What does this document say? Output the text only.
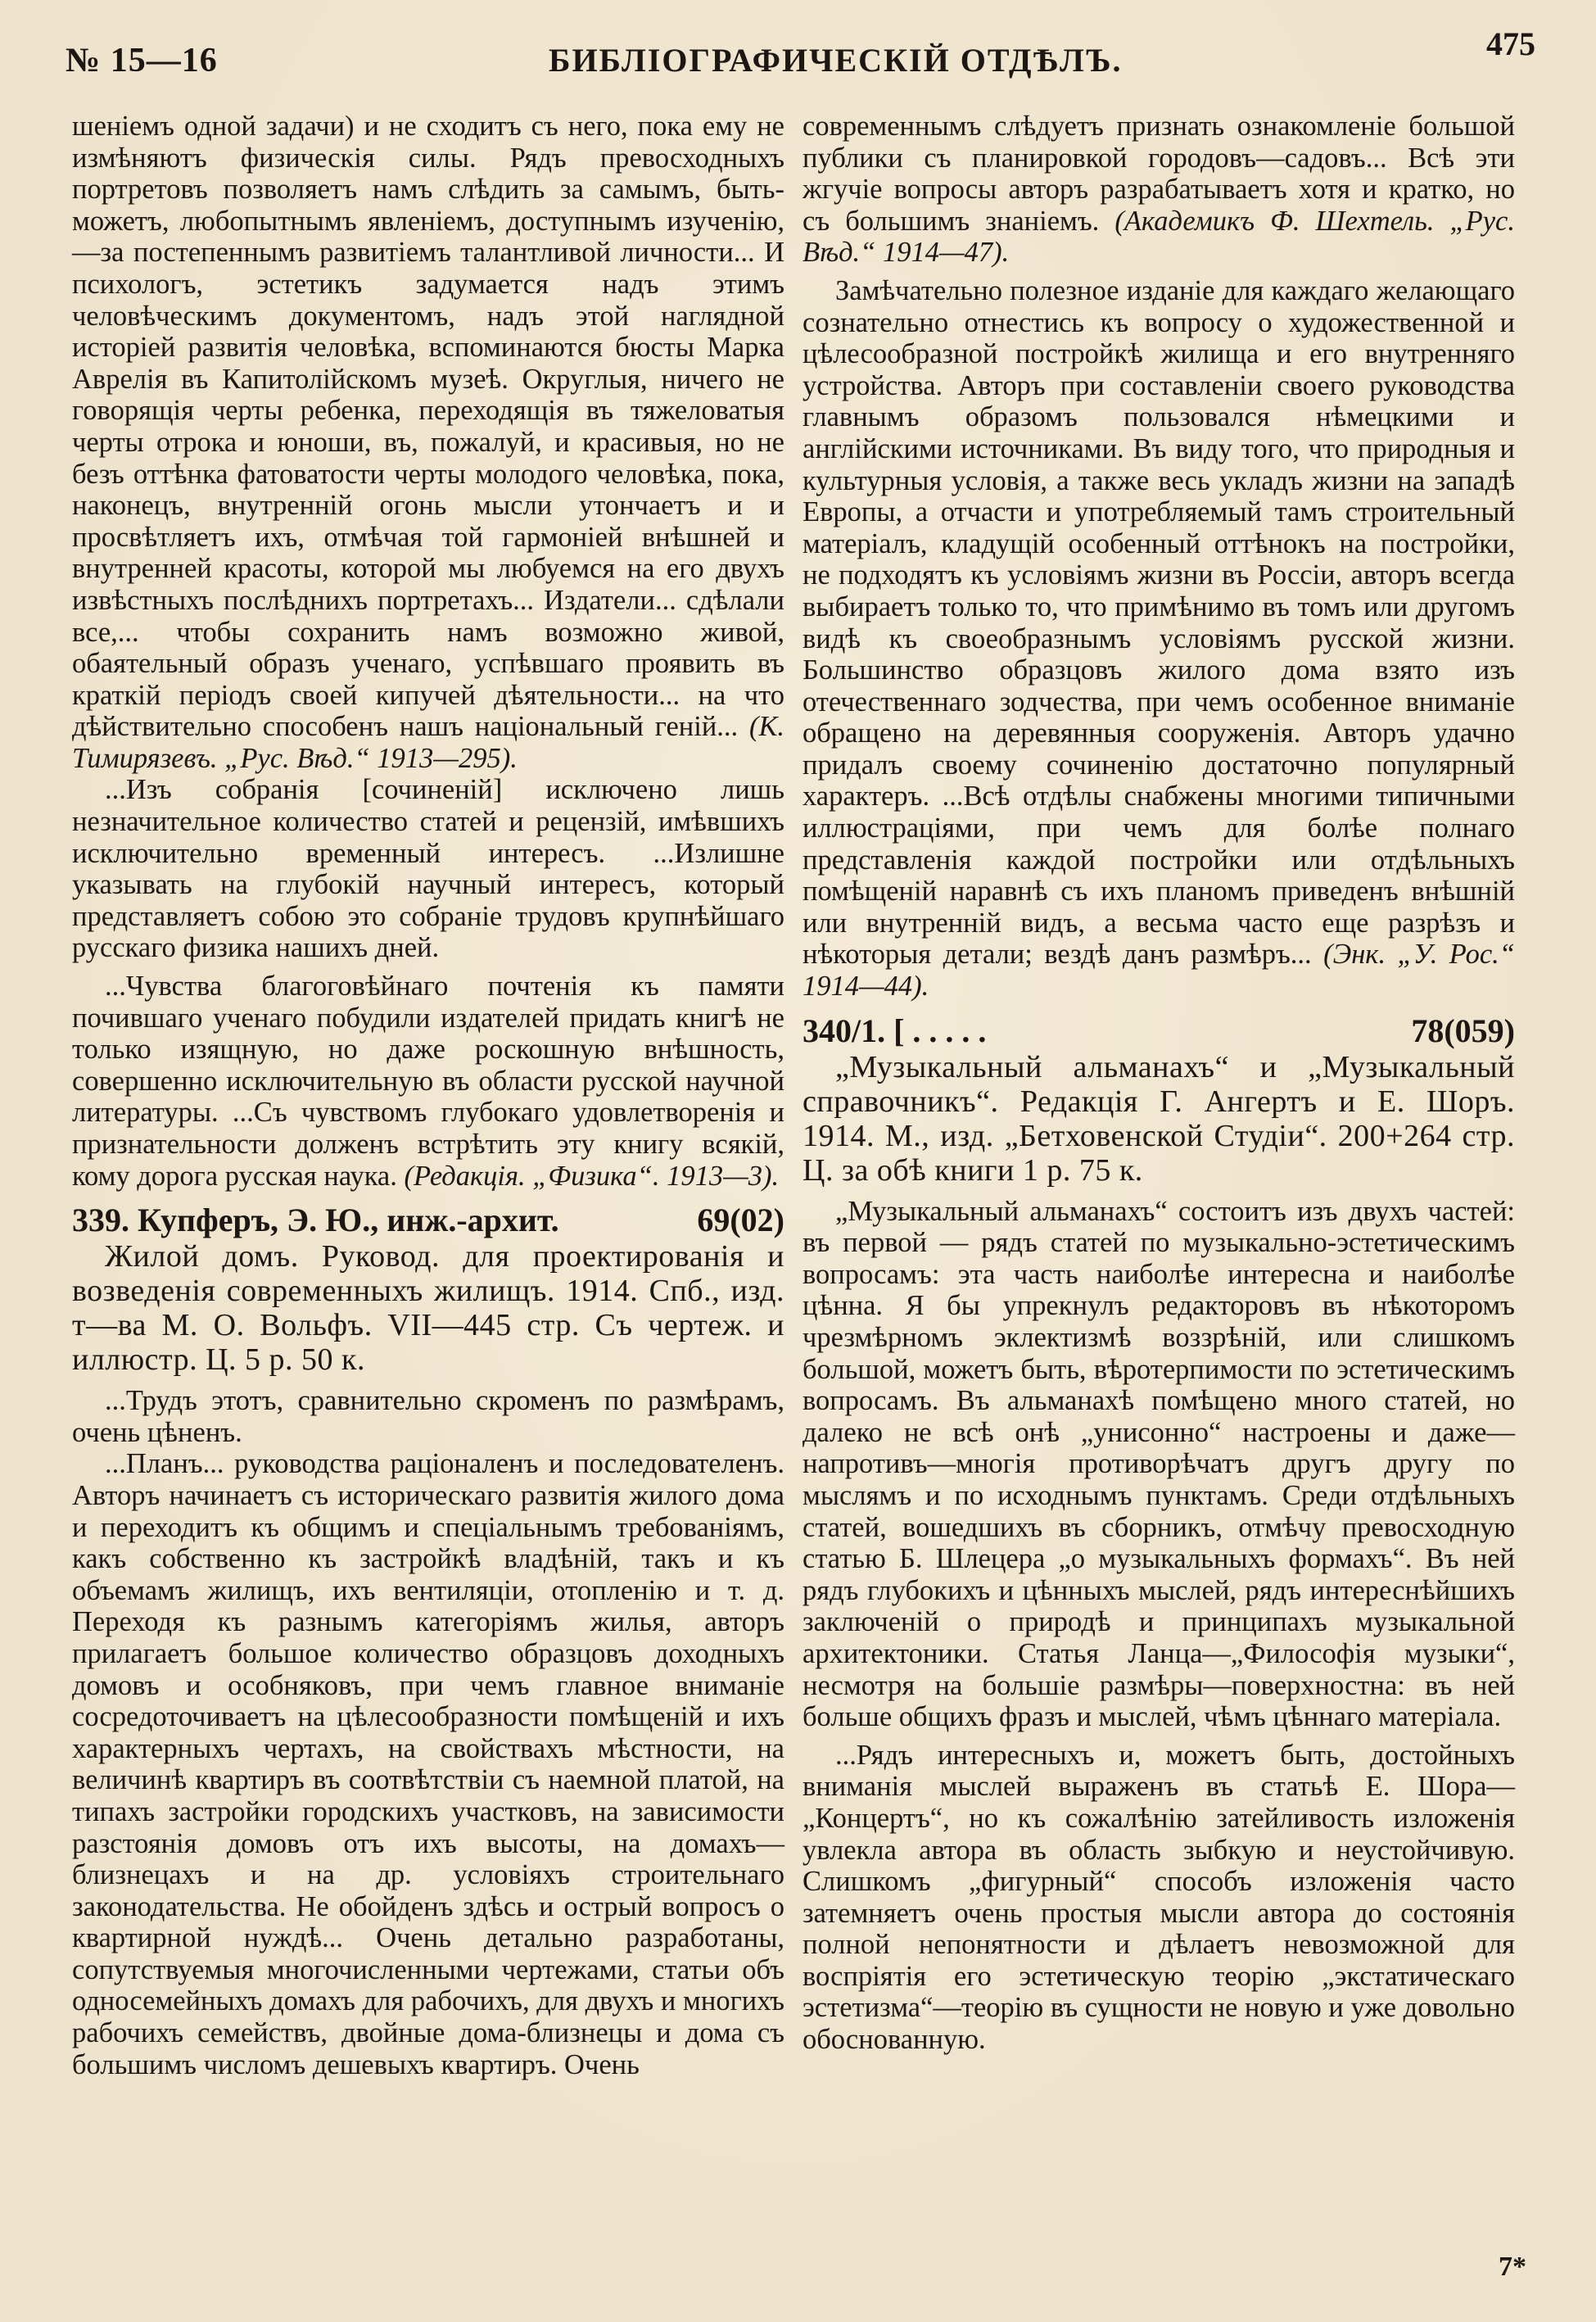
№ 15—16	БИБЛІОГРАФИЧЕСКІЙ ОТДѢЛЪ.	475

шеніемъ одной задачи) и не сходитъ съ него, пока ему не измѣняютъ физическія силы. Рядъ превосходныхъ портретовъ позволяетъ намъ слѣдить за самымъ, быть-можетъ, любопытнымъ явленіемъ, доступнымъ изученію,—за постепеннымъ развитіемъ талантливой личности... И психологъ, эстетикъ задумается надъ этимъ человѣческимъ документомъ, надъ этой наглядной исторіей развитія человѣка, вспоминаются бюсты Марка Аврелія въ Капитолійскомъ музеѣ. Округлыя, ничего не говорящія черты ребенка, переходящія въ тяжеловатыя черты отрока и юноши, въ, пожалуй, и красивыя, но не безъ оттѣнка фатоватости черты молодого человѣка, пока, наконецъ, внутренній огонь мысли утончаетъ и и просвѣтляетъ ихъ, отмѣчая той гармоніей внѣшней и внутренней красоты, которой мы любуемся на его двухъ извѣстныхъ послѣднихъ портретахъ... Издатели... сдѣлали все,... чтобы сохранить намъ возможно живой, обаятельный образъ ученаго, успѣвшаго проявить въ краткій періодъ своей кипучей дѣятельности... на что дѣйствительно способенъ нашъ національный геній... (К. Тимирязевъ. „Рус. Вѣд.“ 1913—295).

...Изъ собранія [сочиненій] исключено лишь незначительное количество статей и рецензій, имѣвшихъ исключительно временный интересъ. ...Излишне указывать на глубокій научный интересъ, который представляетъ собою это собраніе трудовъ крупнѣйшаго русскаго физика нашихъ дней.

...Чувства благоговѣйнаго почтенія къ памяти почившаго ученаго побудили издателей придать книгѣ не только изящную, но даже роскошную внѣшность, совершенно исключительную въ области русской научной литературы. ...Съ чувствомъ глубокаго удовлетворенія и признательности долженъ встрѣтить эту книгу всякій, кому дорога русская наука. (Редакція. „Физика“. 1913—3).

339. Купферъ, Э. Ю., инж.-архит.	69(02)

Жилой домъ. Руковод. для проектированія и возведенія современныхъ жилищъ. 1914. Спб., изд. т—ва М. О. Вольфъ. VII—445 стр. Съ чертеж. и иллюстр. Ц. 5 р. 50 к.

...Трудъ этотъ, сравнительно скроменъ по размѣрамъ, очень цѣненъ.

...Планъ... руководства раціоналенъ и последователенъ. Авторъ начинаетъ съ историческаго развитія жилого дома и переходитъ къ общимъ и спеціальнымъ требованіямъ, какъ собственно къ застройкѣ владѣній, такъ и къ объемамъ жилищъ, ихъ вентиляціи, отопленію и т. д. Переходя къ разнымъ категоріямъ жилья, авторъ прилагаетъ большое количество образцовъ доходныхъ домовъ и особняковъ, при чемъ главное вниманіе сосредоточиваетъ на цѣлесообразности помѣщеній и ихъ характерныхъ чертахъ, на свойствахъ мѣстности, на величинѣ квартиръ въ соотвѣтствіи съ наемной платой, на типахъ застройки городскихъ участковъ, на зависимости разстоянія домовъ отъ ихъ высоты, на домахъ—близнецахъ и на др. условіяхъ строительнаго законодательства. Не обойденъ здѣсь и острый вопросъ о квартирной нуждѣ... Очень детально разработаны, сопутствуемыя многочисленными чертежами, статьи объ односемейныхъ домахъ для рабочихъ, для двухъ и многихъ рабочихъ семействъ, двойные дома-близнецы и дома съ большимъ числомъ дешевыхъ квартиръ. Очень

современнымъ слѣдуетъ признать ознакомленіе большой публики съ планировкой городовъ—садовъ... Всѣ эти жгучіе вопросы авторъ разрабатываетъ хотя и кратко, но съ большимъ знаніемъ. (Академикъ Ф. Шехтель. „Рус. Вѣд.“ 1914—47).

Замѣчательно полезное изданіе для каждаго желающаго сознательно отнестись къ вопросу о художественной и цѣлесообразной постройкѣ жилища и его внутренняго устройства. Авторъ при составленіи своего руководства главнымъ образомъ пользовался нѣмецкими и англійскими источниками. Въ виду того, что природныя и культурныя условія, а также весь укладъ жизни на западѣ Европы, а отчасти и употребляемый тамъ строительный матеріалъ, кладущій особенный оттѣнокъ на постройки, не подходятъ къ условіямъ жизни въ Россіи, авторъ всегда выбираетъ только то, что примѣнимо въ томъ или другомъ видѣ къ своеобразнымъ условіямъ русской жизни. Большинство образцовъ жилого дома взято изъ отечественнаго зодчества, при чемъ особенное вниманіе обращено на деревянныя сооруженія. Авторъ удачно придалъ своему сочиненію достаточно популярный характеръ. ...Всѣ отдѣлы снабжены многими типичными иллюстраціями, при чемъ для болѣе полнаго представленія каждой постройки или отдѣльныхъ помѣщеній наравнѣ съ ихъ планомъ приведенъ внѣшній или внутренній видъ, а весьма часто еще разрѣзъ и нѣкоторыя детали; вездѣ данъ размѣръ... (Энк. „У. Рос.“ 1914—44).

340/1. [ . . . . .	78(059)

„Музыкальный альманахъ“ и „Музыкальный справочникъ“. Редакція Г. Ангертъ и Е. Шоръ. 1914. М., изд. „Бетховенской Студіи“. 200+264 стр. Ц. за обѣ книги 1 р. 75 к.

„Музыкальный альманахъ“ состоитъ изъ двухъ частей: въ первой — рядъ статей по музыкально-эстетическимъ вопросамъ: эта часть наиболѣе интересна и наиболѣе цѣнна. Я бы упрекнулъ редакторовъ въ нѣкоторомъ чрезмѣрномъ эклектизмѣ воззрѣній, или слишкомъ большой, можетъ быть, вѣротерпимости по эстетическимъ вопросамъ. Въ альманахѣ помѣщено много статей, но далеко не всѣ онѣ „унисонно“ настроены и даже—напротивъ—многія противорѣчатъ другъ другу по мыслямъ и по исходнымъ пунктамъ. Среди отдѣльныхъ статей, вошедшихъ въ сборникъ, отмѣчу превосходную статью Б. Шлецера „о музыкальныхъ формахъ“. Въ ней рядъ глубокихъ и цѣнныхъ мыслей, рядъ интереснѣйшихъ заключеній о природѣ и принципахъ музыкальной архитектоники. Статья Ланца—„Философія музыки“, несмотря на большіе размѣры—поверхностна: въ ней больше общихъ фразъ и мыслей, чѣмъ цѣннаго матеріала.

...Рядъ интересныхъ и, можетъ быть, достойныхъ вниманія мыслей выраженъ въ статьѣ Е. Шора—„Концертъ“, но къ сожалѣнію затейливость изложенія увлекла автора въ область зыбкую и неустойчивую. Слишкомъ „фигурный“ способъ изложенія часто затемняетъ очень простыя мысли автора до состоянія полной непонятности и дѣлаетъ невозможной для воспріятія его эстетическую теорію „экстатическаго эстетизма“—теорію въ сущности не новую и уже довольно обоснованную.

7*
